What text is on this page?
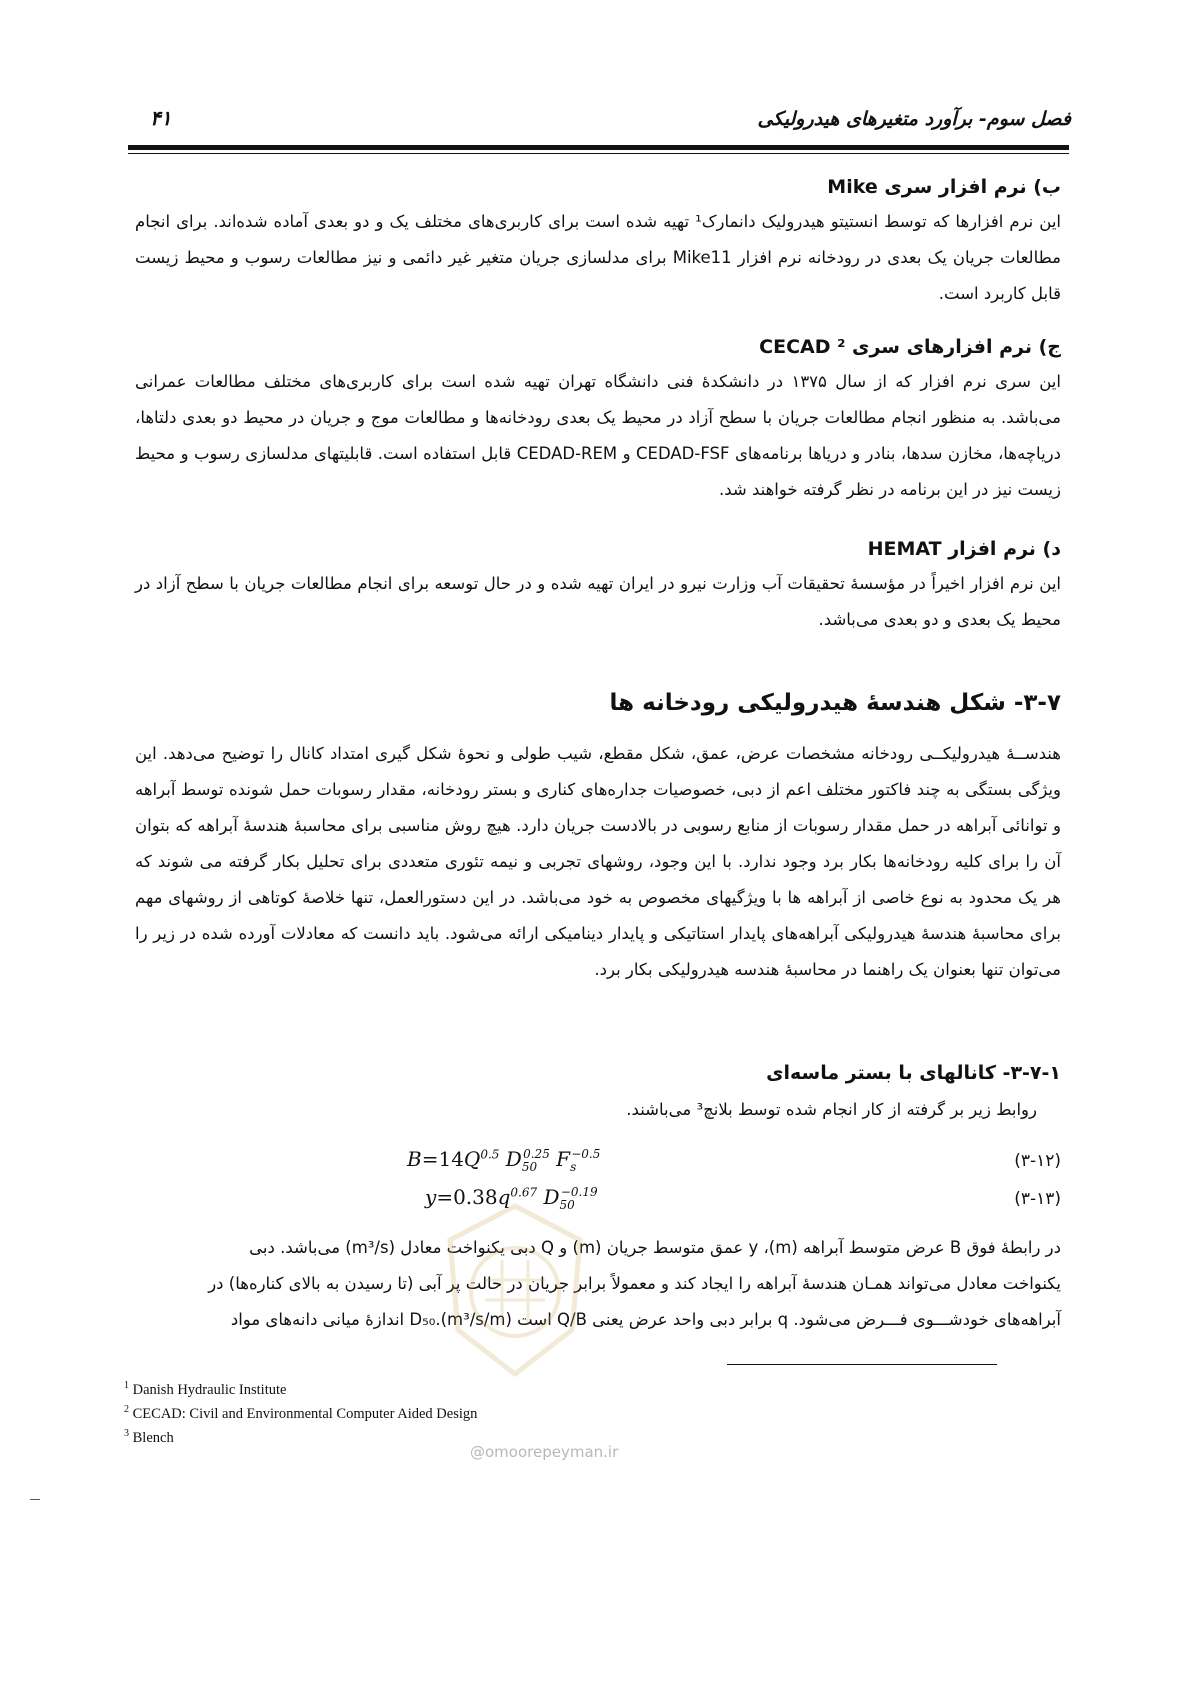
فصل سوم- برآورد متغیرهای هیدرولیکی
۴۱
ب) نرم افزار سری Mike

این نرم افزارها که توسط انستیتو هیدرولیک دانمارک¹ تهیه شده است برای کاربری‌های مختلف یک و دو بعدی آماده شده‌اند. برای انجام مطالعات جریان یک بعدی در رودخانه نرم افزار Mike11 برای مدلسازی جریان متغیر غیر دائمی و نیز مطالعات رسوب و محیط زیست قابل کاربرد است.

ج) نرم افزارهای سری CECAD ²

این سری نرم افزار که از سال ۱۳۷۵ در دانشکدهٔ فنی دانشگاه تهران تهیه شده است برای کاربری‌های مختلف مطالعات عمرانی می‌باشد. به منظور انجام مطالعات جریان با سطح آزاد در محیط یک بعدی رودخانه‌ها و مطالعات موج و جریان در محیط دو بعدی دلتاها، دریاچه‌ها، مخازن سدها، بنادر و دریاها برنامه‌های CEDAD-FSF و CEDAD-REM قابل استفاده است. قابلیتهای مدلسازی رسوب و محیط زیست نیز در این برنامه در نظر گرفته خواهند شد.

د) نرم افزار HEMAT

این نرم افزار اخیراً در مؤسسهٔ تحقیقات آب وزارت نیرو در ایران تهیه شده و در حال توسعه برای انجام مطالعات جریان با سطح آزاد در محیط یک بعدی و دو بعدی می‌باشد.

۳-۷- شکل هندسهٔ هیدرولیکی رودخانه ها

هندســهٔ هیدرولیکــی رودخانه مشخصات عرض، عمق، شکل مقطع، شیب طولی و نحوهٔ شکل گیری امتداد کانال را توضیح می‌دهد. این ویژگی بستگی به چند فاکتور مختلف اعم از دبی، خصوصیات جداره‌های کناری و بستر رودخانه، مقدار رسوبات حمل شونده توسط آبراهه و توانائی آبراهه در حمل مقدار رسوبات از منابع رسوبی در بالادست جریان دارد. هیچ روش مناسبی برای محاسبهٔ هندسهٔ آبراهه که بتوان آن را برای کلیه رودخانه‌ها بکار برد وجود ندارد. با این وجود، روشهای تجربی و نیمه تئوری متعددی برای تحلیل بکار گرفته می شوند که هر یک محدود به نوع خاصی از آبراهه ها با ویژگیهای مخصوص به خود می‌باشد. در این دستورالعمل، تنها خلاصهٔ کوتاهی از روشهای مهم برای محاسبهٔ هندسهٔ هیدرولیکی آبراهه‌های پایدار استاتیکی و پایدار دینامیکی ارائه می‌شود. باید دانست که معادلات آورده شده در زیر را می‌توان تنها بعنوان یک راهنما در محاسبهٔ هندسه هیدرولیکی بکار برد.

۳-۷-۱- کانالهای با بستر ماسه‌ای

روابط زیر بر گرفته از کار انجام شده توسط بلانچ³ می‌باشند.

(۳-۱۲)
$B=14Q^{0.5}$ $D_{50}^{0.25}$ $F_s^{-0.5}$
(۳-۱۳)
$y=0.38q^{0.67}$ $D_{50}^{-0.19}$

در رابطهٔ فوق B عرض متوسط آبراهه (m)، y عمق متوسط جریان (m) و Q دبی یکنواخت معادل (m³/s) می‌باشد. دبی

یکنواخت معادل می‌تواند همـان هندسهٔ آبراهه را ایجاد کند و معمولاً برابر جریان در حالت پر آبی (تا رسیدن به بالای کناره‌ها) در

آبراهه‌های خودشـــوی فـــرض می‌شود. q برابر دبی واحد عرض یعنی Q/B است (m³/s/m).D₅₀ اندازهٔ میانی دانه‌های مواد

$^1$ Danish Hydraulic Institute
$^2$ CECAD: Civil and Environmental Computer Aided Design
$^3$ Blench
@omoorepeyman.ir
